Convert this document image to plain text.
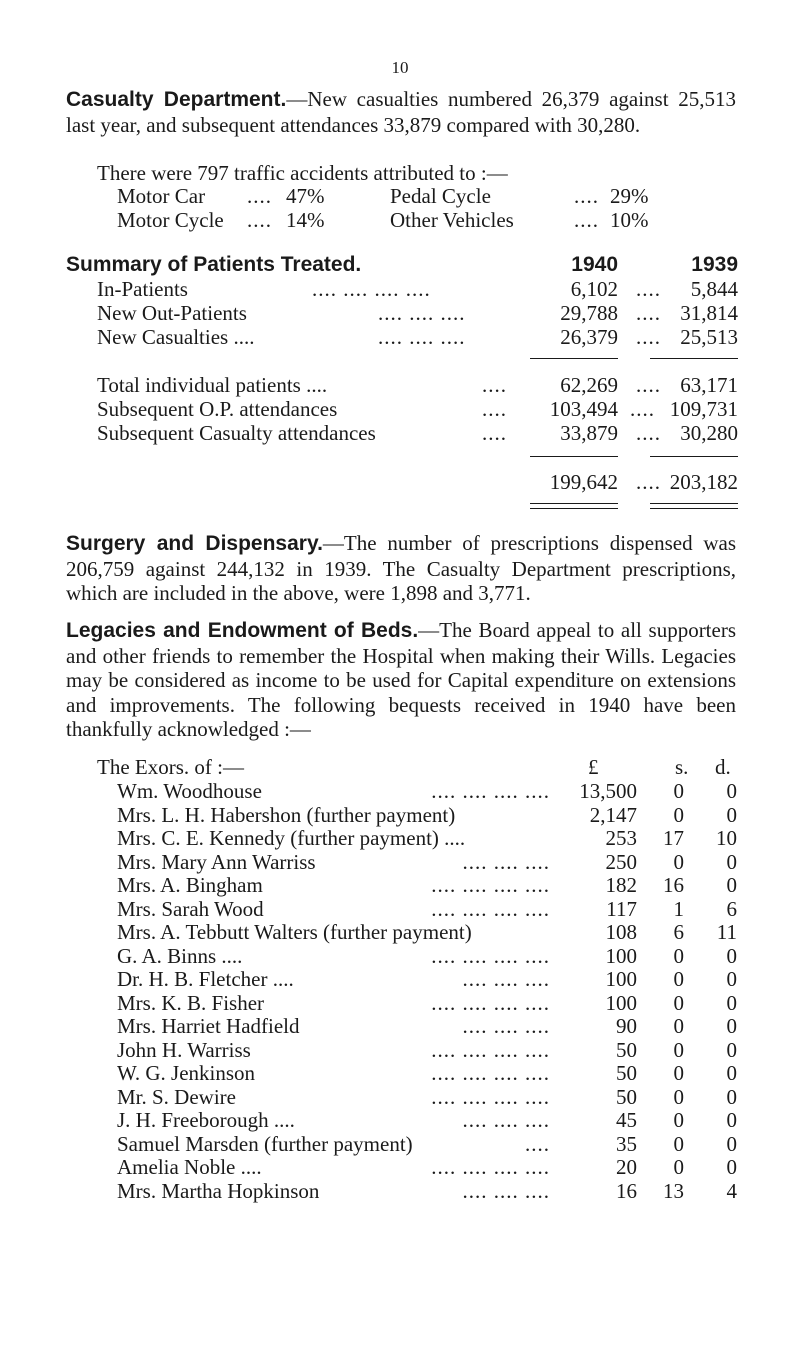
10
Casualty Department.—New casualties numbered 26,379 against 25,513 last year, and subsequent attendances 33,879 compared with 30,280.
There were 797 traffic accidents attributed to :—
Motor Car .... 47%	Pedal Cycle	.... 29%
Motor Cycle .... 14%	Other Vehicles	.... 10%
Summary of Patients Treated.	1940	1939
In-Patients	.... .... .... ....	6,102 ....	5,844
New Out-Patients	.... .... ....	29,788 .... 31,814
New Casualties ....	.... .... ....	26,379 .... 25,513
Total individual patients ....	....	62,269 .... 63,171
Subsequent O.P. attendances	....	103,494 .... 109,731
Subsequent Casualty attendances	....	33,879 .... 30,280
199,642 .... 203,182
Surgery and Dispensary.—The number of prescriptions dispensed was 206,759 against 244,132 in 1939. The Casualty Department prescriptions, which are included in the above, were 1,898 and 3,771.
Legacies and Endowment of Beds.—The Board appeal to all supporters and other friends to remember the Hospital when making their Wills. Legacies may be considered as income to be used for Capital expenditure on extensions and improvements. The following bequests received in 1940 have been thankfully acknowledged :—
The Exors. of :—	£	s. d.
Wm. Woodhouse	.... .... .... ....	13,500	0	0
Mrs. L. H. Habershon (further payment)	2,147	0	0
Mrs. C. E. Kennedy (further payment) ....	253	17	10
Mrs. Mary Ann Warriss	.... .... ....	250	0	0
Mrs. A. Bingham	.... .... .... ....	182	16	0
Mrs. Sarah Wood	.... .... .... ....	117	1	6
Mrs. A. Tebbutt Walters (further payment)	108	6	11
G. A. Binns ....	.... .... .... ....	100	0	0
Dr. H. B. Fletcher ....	.... .... ....	100	0	0
Mrs. K. B. Fisher	.... .... .... ....	100	0	0
Mrs. Harriet Hadfield	.... .... ....	90	0	0
John H. Warriss	.... .... .... ....	50	0	0
W. G. Jenkinson	.... .... .... ....	50	0	0
Mr. S. Dewire	.... .... .... ....	50	0	0
J. H. Freeborough ....	.... .... ....	45	0	0
Samuel Marsden (further payment)	....	35	0	0
Amelia Noble ....	.... .... .... ....	20	0	0
Mrs. Martha Hopkinson	.... .... ....	16	13	4
